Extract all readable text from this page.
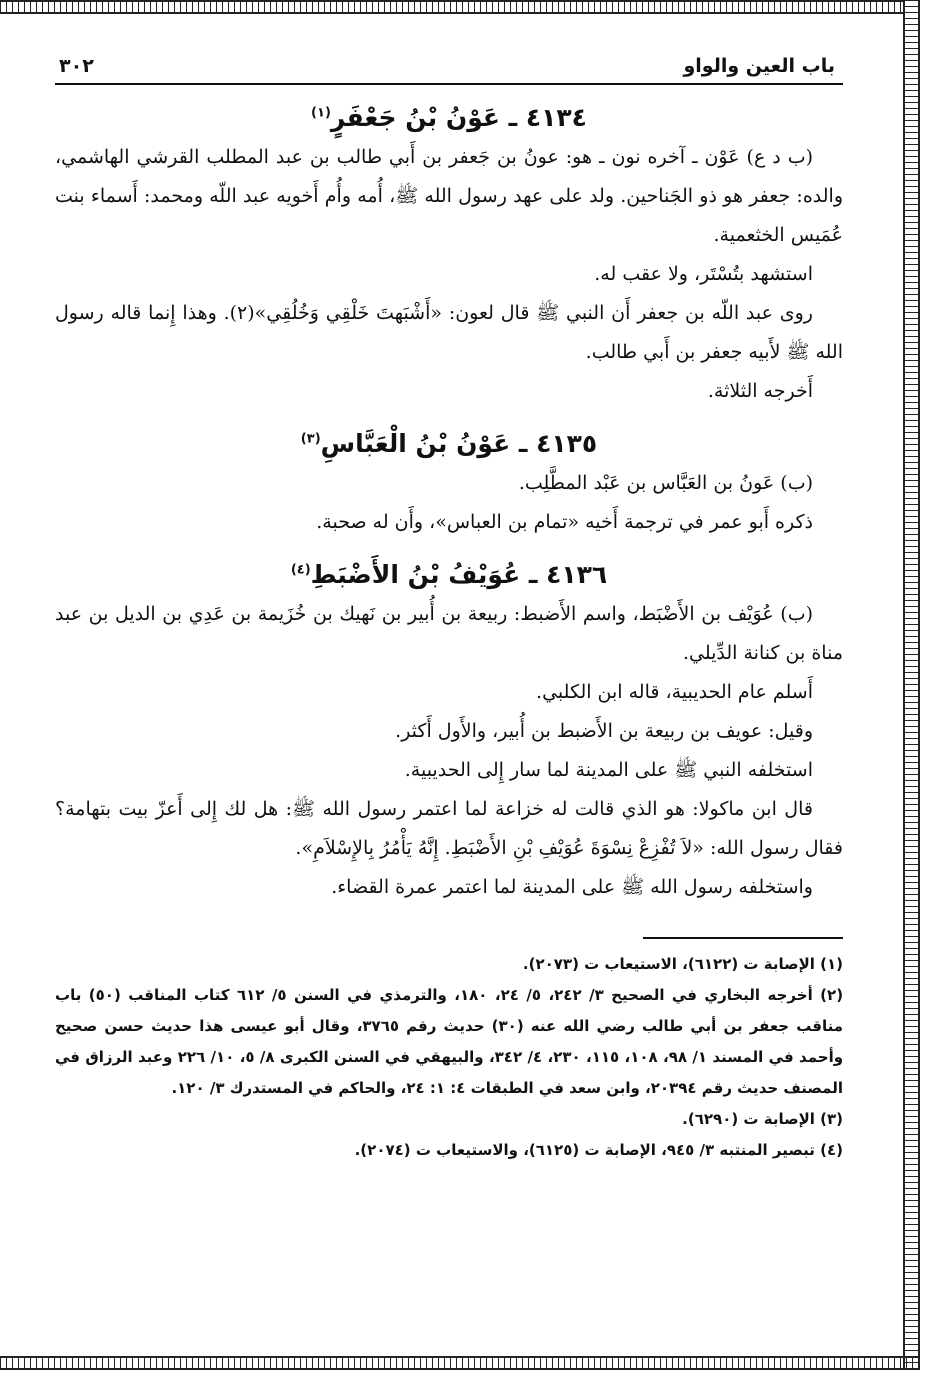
باب العين والواو
٣٠٢
٤١٣٤ ـ عَوْنُ بْنُ جَعْفَرٍ$^{(١)}$

(ب د ع) عَوْن ـ آخره نون ـ هو: عونُ بن جَعفر بن أَبي طالب بن عبد المطلب القرشي الهاشمي، والده: جعفر هو ذو الجَناحين. ولد على عهد رسول الله ﷺ، أُمه وأُم أَخويه عبد اللّه ومحمد: أَسماء بنت عُمَيس الخثعمية.

استشهد بتُسْتَر، ولا عقب له.

روى عبد اللّه بن جعفر أَن النبي ﷺ قال لعون: «أَشْبَهتَ خَلْقِي وَخُلُقِي»(٢). وهذا إِنما قاله رسول الله ﷺ لأَبيه جعفر بن أَبي طالب.

أَخرجه الثلاثة.

٤١٣٥ ـ عَوْنُ بْنُ الْعَبَّاسِ$^{(٣)}$

(ب) عَونُ بن العَبَّاس بن عَبْد المطَّلِب.

ذكره أَبو عمر في ترجمة أَخيه «تمام بن العباس»، وأَن له صحبة.

٤١٣٦ ـ عُوَيْفُ بْنُ الأَضْبَطِ$^{(٤)}$

(ب) عُوَيْف بن الأَضْبَط، واسم الأَضبط: ربيعة بن أُبير بن نَهيك بن خُزَيمة بن عَدِي بن الديل بن عبد مناة بن كنانة الدِّيلي.

أَسلم عام الحديبية، قاله ابن الكلبي.

وقيل: عويف بن ربيعة بن الأَضبط بن أُبير، والأَول أَكثر.

استخلفه النبي ﷺ على المدينة لما سار إِلى الحديبية.

قال ابن ماكولا: هو الذي قالت له خزاعة لما اعتمر رسول الله ﷺ: هل لك إِلى أَعزّ بيت بتهامة؟ فقال رسول الله: «لاَ تُفْزِعْ نِسْوَةَ عُوَيْفِ بْنِ الأَضْبَطِ. إِنَّهُ يَأْمُرُ بِالإِسْلاَمِ».

واستخلفه رسول الله ﷺ على المدينة لما اعتمر عمرة القضاء.

(١) الإصابة ت (٦١٢٢)، الاستيعاب ت (٢٠٧٣).

(٢) أخرجه البخاري في الصحيح ٣/ ٢٤٢، ٥/ ٢٤، ١٨٠، والترمذي في السنن ٥/ ٦١٢ كتاب المناقب (٥٠) باب مناقب جعفر بن أبي طالب رضي الله عنه (٣٠) حديث رقم ٣٧٦٥، وقال أبو عيسى هذا حديث حسن صحيح وأحمد في المسند ١/ ٩٨، ١٠٨، ١١٥، ٢٣٠، ٤/ ٣٤٢، والبيهقي في السنن الكبرى ٨/ ٥، ١٠/ ٢٢٦ وعبد الرزاق في المصنف حديث رقم ٢٠٣٩٤، وابن سعد في الطبقات ٤: ١: ٢٤، والحاكم في المستدرك ٣/ ١٢٠.

(٣) الإصابة ت (٦٢٩٠).

(٤) تبصير المنتبه ٣/ ٩٤٥، الإصابة ت (٦١٢٥)، والاستيعاب ت (٢٠٧٤).
